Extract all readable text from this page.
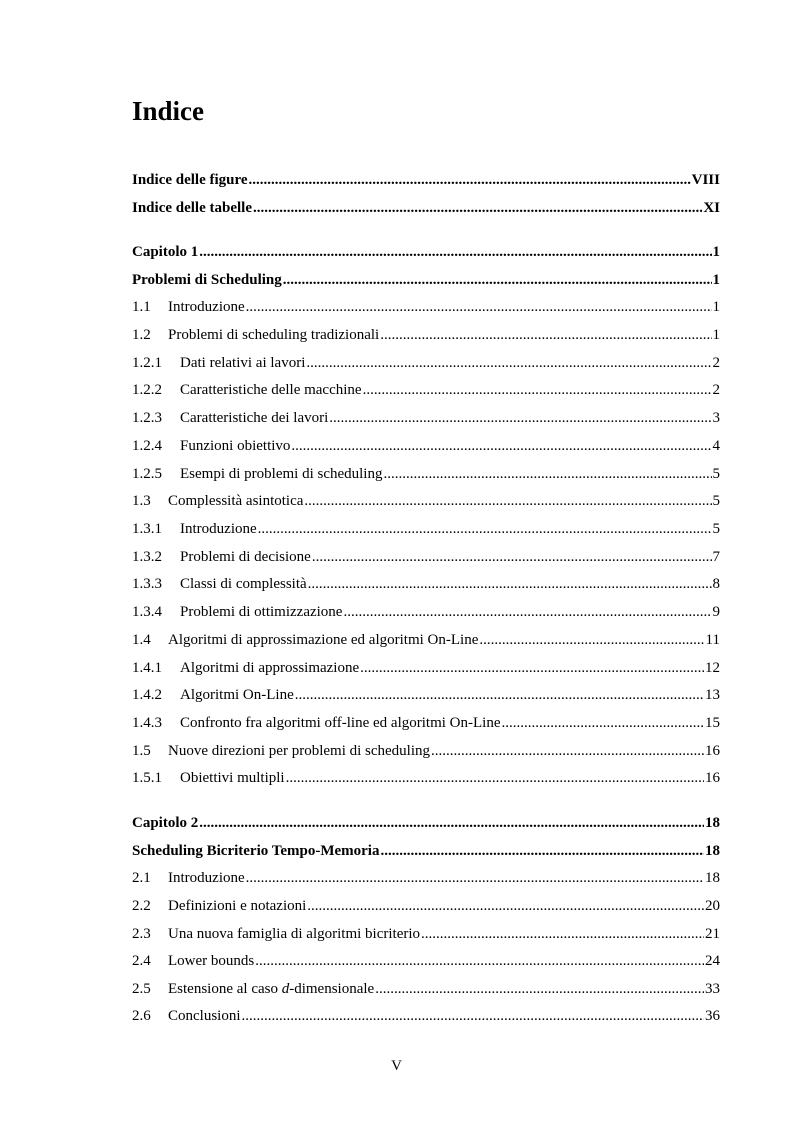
Indice
Indice delle figure .....	VIII
Indice delle tabelle .....	XI
Capitolo 1 .....	1
Problemi di Scheduling .....	1
1.1	Introduzione .....	1
1.2	Problemi di scheduling tradizionali .....	1
1.2.1	Dati relativi ai lavori .....	2
1.2.2	Caratteristiche delle macchine .....	2
1.2.3	Caratteristiche dei lavori .....	3
1.2.4	Funzioni obiettivo .....	4
1.2.5	Esempi di problemi di scheduling .....	5
1.3	Complessità asintotica .....	5
1.3.1	Introduzione .....	5
1.3.2	Problemi di decisione .....	7
1.3.3	Classi di complessità .....	8
1.3.4	Problemi di ottimizzazione .....	9
1.4	Algoritmi di approssimazione ed algoritmi On-Line .....	11
1.4.1	Algoritmi di approssimazione .....	12
1.4.2	Algoritmi On-Line .....	13
1.4.3	Confronto fra algoritmi off-line ed algoritmi On-Line .....	15
1.5	Nuove direzioni per problemi di scheduling .....	16
1.5.1	Obiettivi multipli .....	16
Capitolo 2 .....	18
Scheduling Bicriterio Tempo-Memoria .....	18
2.1	Introduzione .....	18
2.2	Definizioni e notazioni .....	20
2.3	Una nuova famiglia di algoritmi bicriterio .....	21
2.4	Lower bounds .....	24
2.5	Estensione al caso d-dimensionale .....	33
2.6	Conclusioni .....	36
V
